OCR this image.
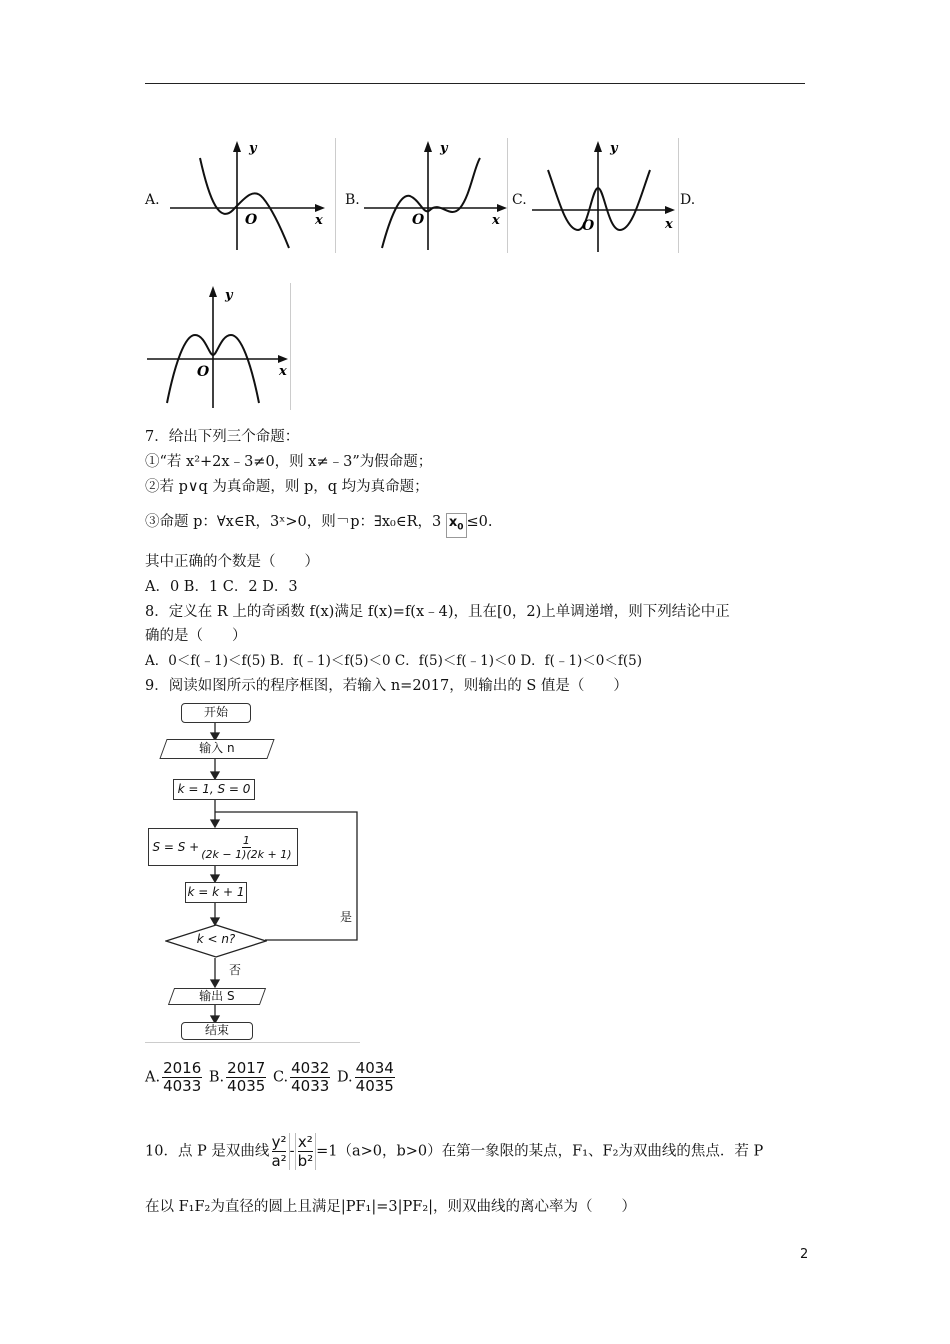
A.	B.	C.	D.
y
x
O
y
x
O
y
x
O
y
x
O
7．给出下列三个命题：
①“若 x²+2x﹣3≠0，则 x≠﹣3”为假命题；
②若 p∨q 为真命题，则 p，q 均为真命题；
③命题 p：∀x∈R，3ˣ>0，则￢p：∃x₀∈R，3 $x_0 \le 0$.
其中正确的个数是（　　）
A．0 B．1 C．2 D．3
8．定义在 R 上的奇函数 f(x)满足 f(x)=f(x﹣4)，且在[0，2)上单调递增，则下列结论中正
确的是（　　）
A．0＜f(﹣1)＜f(5) B．f(﹣1)＜f(5)＜0 C．f(5)＜f(﹣1)＜0 D．f(﹣1)＜0＜f(5)
9．阅读如图所示的程序框图，若输入 n=2017，则输出的 S 值是（　　）
开始
输入 n
k = 1, S = 0
$S = S + \frac{1}{(2k - 1)(2k + 1)}$
k = k + 1
k < n?
是
否
输出 S
结束
A. $\frac{2016}{4033} B$. $\frac{2017}{4035} C$. $\frac{4032}{4033} D$. $\frac{4034}{4035}$
10．点 P 是双曲线 $\frac{\text{y²}}{\text{a²}} - \frac{\text{x²}}{\text{b²}} =1(a>0$，b>0）在第一象限的某点，F₁、F₂为双曲线的焦点．若 P
在以 F₁F₂为直径的圆上且满足|PF₁|=3|PF₂|，则双曲线的离心率为（　　）
2
